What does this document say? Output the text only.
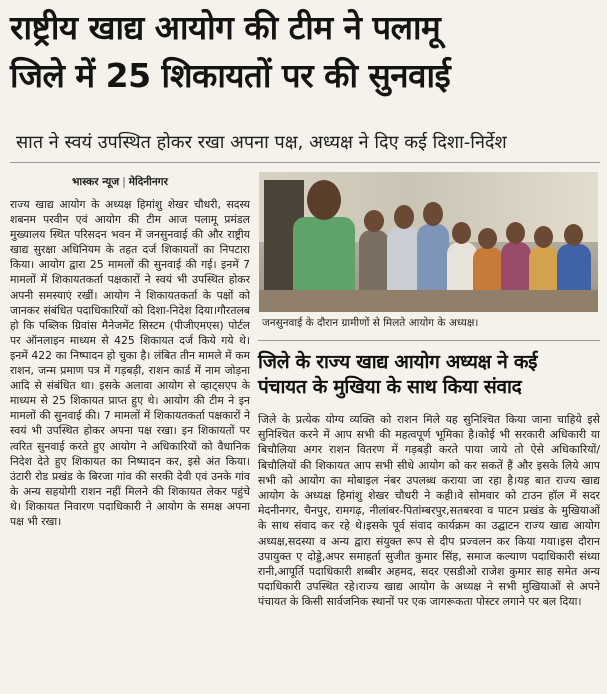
राष्ट्रीय खाद्य आयोग की टीम ने पलामू
जिले में 25 शिकायतों पर की सुनवाई
सात ने स्वयं उपस्थित होकर रखा अपना पक्ष, अध्यक्ष ने दिए कई दिशा-निर्देश
भास्कर न्यूज | मेदिनीनगर

राज्य खाद्य आयोग के अध्यक्ष हिमांशु शेखर चौधरी, सदस्य शबनम परवीन एवं आयोग की टीम आज पलामू प्रमंडल मुख्यालय स्थित परिसदन भवन में जनसुनवाई की और राष्ट्रीय खाद्य सुरक्षा अधिनियम के तहत दर्ज शिकायतों का निपटारा किया। आयोग द्वारा 25 मामलों की सुनवाई की गई। इनमें 7 मामलों में शिकायतकर्ता पक्षकारों ने स्वयं भी उपस्थित होकर अपनी समस्याएं रखीं। आयोग ने शिकायतकर्ता के पक्षों को जानकर संबंधित पदाधिकारियों को दिशा-निदेश दिया।गौरतलब हो कि पब्लिक ग्रिवांस मैनेजमेंट सिस्टम (पीजीएमएस) पोर्टल पर ऑनलाइन माध्यम से 425 शिकायत दर्ज किये गये थे। इनमें 422 का निष्पादन हो चुका है। लंबित तीन मामले में कम राशन, जन्म प्रमाण पत्र में गड़बड़ी, राशन कार्ड में नाम जोड़ना आदि से संबंधित था। इसके अलावा आयोग से व्हाट्सएप के माध्यम से 25 शिकायत प्राप्त हुए थे। आयोग की टीम ने इन मामलों की सुनवाई की। 7 मामलों में शिकायतकर्ता पक्षकारों ने स्वयं भी उपस्थित होकर अपना पक्ष रखा। इन शिकायतों पर त्वरित सुनवाई करते हुए आयोग ने अधिकारियों को वैधानिक निदेश देते हुए शिकायत का निष्पादन कर, इसे अंत किया।उंटारी रोड प्रखंड के बिरजा गांव की सरकी देवी एवं उनके गांव के अन्य सहयोगी राशन नहीं मिलने की शिकायत लेकर पहुंचे थे। शिकायत निवारण पदाधिकारी ने आयोग के समक्ष अपना पक्ष भी रखा।

जनसुनवाई के दौरान ग्रामीणों से मिलते आयोग के अध्यक्ष।
जिले के राज्य खाद्य आयोग अध्यक्ष ने कई
पंचायत के मुखिया के साथ किया संवाद

जिले के प्रत्येक योग्य व्यक्ति को राशन मिले यह सुनिश्चित किया जाना चाहिये इसे सुनिश्चित करने में आप सभी की महत्वपूर्ण भूमिका है।कोई भी सरकारी अधिकारी या बिचौलिया अगर राशन वितरण में गड़बड़ी करते पाया जाये तो ऐसे अधिकारियों/ बिचौलियों की शिकायत आप सभी सीधे आयोग को कर सकतें हैं और इसके लिये आप सभी को आयोग का मोबाइल नंबर उपलब्ध कराया जा रहा है।यह बात राज्य खाद्य आयोग के अध्यक्ष हिमांशु शेखर चौधरी ने कही।वे सोमवार को टाउन हॉल में सदर मेदनीनगर, चैनपुर, रामगढ़, नीलांबर-पितांम्बरपुर,सतबरवा व पाटन प्रखंड के मुखियाओं के साथ संवाद कर रहे थे।इसके पूर्व संवाद कार्यक्रम का उद्घाटन राज्य खाद्य आयोग अध्यक्ष,सदस्या व अन्य द्वारा संयुक्त रूप से दीप प्रज्वलन कर किया गया।इस दौरान उपायुक्त ए दोड्डे,अपर समाहर्ता सुजीत कुमार सिंह, समाज कल्याण पदाधिकारी संध्या रानी,आपूर्ति पदाधिकारी शब्बीर अहमद, सदर एसडीओ राजेश कुमार साह समेत अन्य पदाधिकारी उपस्थित रहे।राज्य खाद्य आयोग के अध्यक्ष ने सभी मुखियाओं से अपने पंचायत के किसी सार्वजनिक स्थानों पर एक जागरूकता पोस्टर लगाने पर बल दिया।
